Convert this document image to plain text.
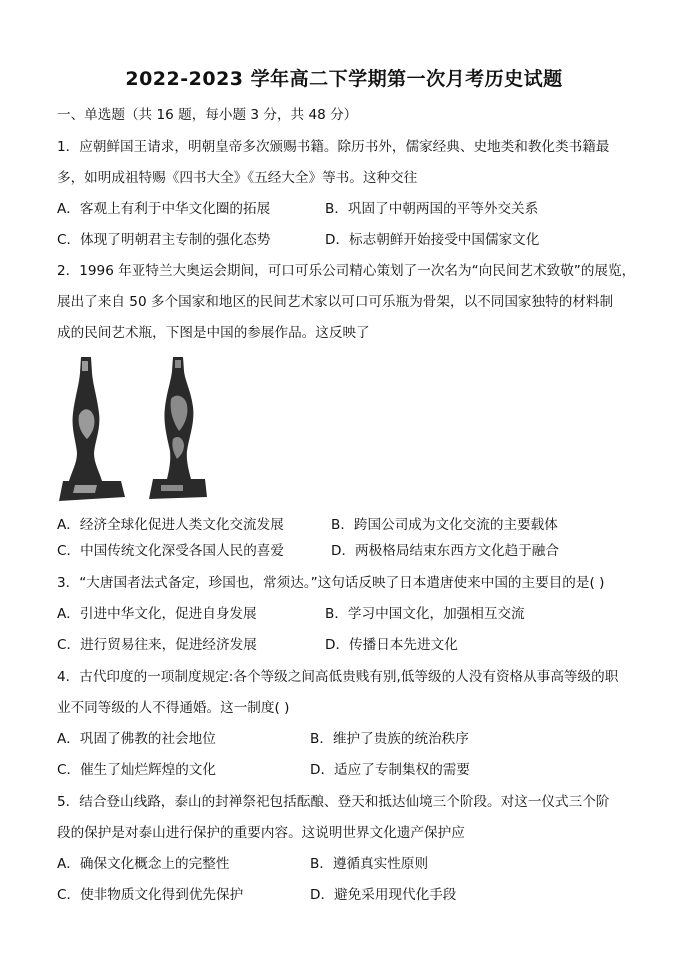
2022-2023 学年高二下学期第一次月考历史试题
一、单选题（共 16 题，每小题 3 分，共 48 分）
1．应朝鲜国王请求，明朝皇帝多次颁赐书籍。除历书外，儒家经典、史地类和教化类书籍最
多，如明成祖特赐《四书大全》《五经大全》等书。这种交往
A．客观上有利于中华文化圈的拓展	B．巩固了中朝两国的平等外交关系
C．体现了明朝君主专制的强化态势	D．标志朝鲜开始接受中国儒家文化
2．1996 年亚特兰大奥运会期间，可口可乐公司精心策划了一次名为“向民间艺术致敬”的展览，
展出了来自 50 多个国家和地区的民间艺术家以可口可乐瓶为骨架，以不同国家独特的材料制
成的民间艺术瓶，下图是中国的参展作品。这反映了
A．经济全球化促进人类文化交流发展	B．跨国公司成为文化交流的主要载体
C．中国传统文化深受各国人民的喜爱	D．两极格局结束东西方文化趋于融合
3．“大唐国者法式备定，珍国也，常须达。”这句话反映了日本遣唐使来中国的主要目的是( )
A．引进中华文化，促进自身发展	B．学习中国文化，加强相互交流
C．进行贸易往来，促进经济发展	D．传播日本先进文化
4．古代印度的一项制度规定:各个等级之间高低贵贱有别,低等级的人没有资格从事高等级的职
业不同等级的人不得通婚。这一制度( )
A．巩固了佛教的社会地位	B．维护了贵族的统治秩序
C．催生了灿烂辉煌的文化	D．适应了专制集权的需要
5．结合登山线路，泰山的封禅祭祀包括酝酿、登天和抵达仙境三个阶段。对这一仪式三个阶
段的保护是对泰山进行保护的重要内容。这说明世界文化遗产保护应
A．确保文化概念上的完整性	B．遵循真实性原则
C．使非物质文化得到优先保护	D．避免采用现代化手段
